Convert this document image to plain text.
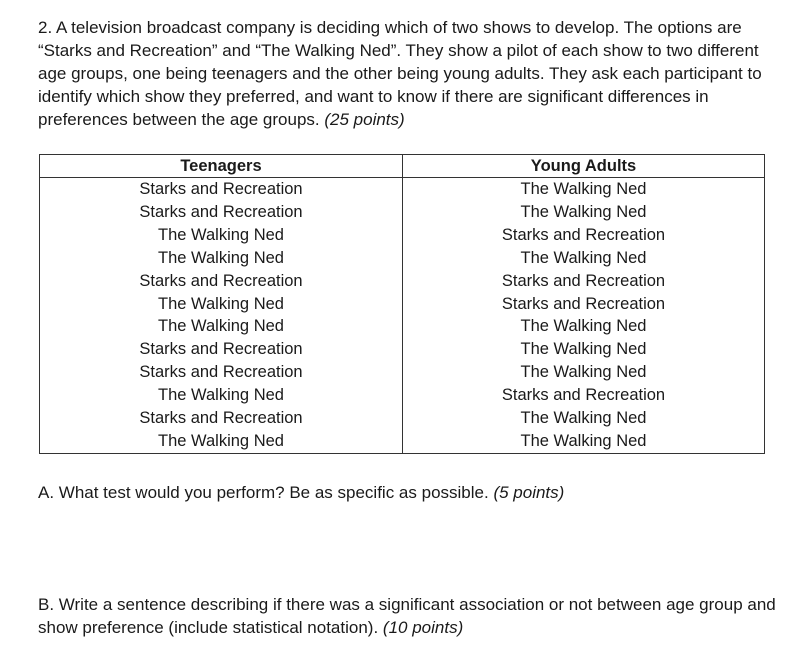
2. A television broadcast company is deciding which of two shows to develop. The options are “Starks and Recreation” and “The Walking Ned”. They show a pilot of each show to two different age groups, one being teenagers and the other being young adults. They ask each participant to identify which show they preferred, and want to know if there are significant differences in preferences between the age groups. (25 points)

Teenagers	Young Adults
Starks and Recreation	The Walking Ned
Starks and Recreation	The Walking Ned
The Walking Ned	Starks and Recreation
The Walking Ned	The Walking Ned
Starks and Recreation	Starks and Recreation
The Walking Ned	Starks and Recreation
The Walking Ned	The Walking Ned
Starks and Recreation	The Walking Ned
Starks and Recreation	The Walking Ned
The Walking Ned	Starks and Recreation
Starks and Recreation	The Walking Ned
The Walking Ned	The Walking Ned

A. What test would you perform? Be as specific as possible. (5 points)

B. Write a sentence describing if there was a significant association or not between age group and show preference (include statistical notation). (10 points)
